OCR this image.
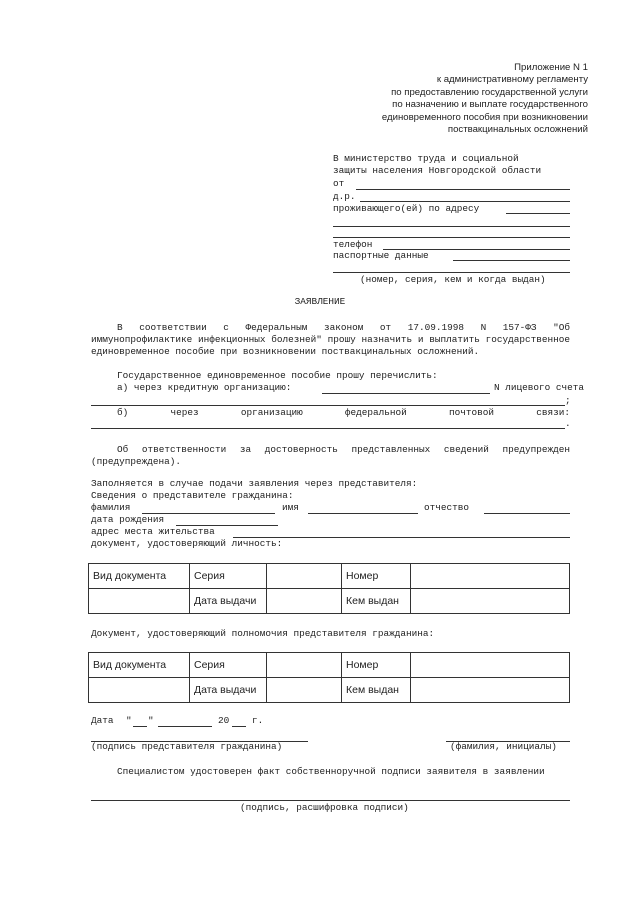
Приложение N 1
к административному регламенту
по предоставлению государственной услуги
по назначению и выплате государственного
единовременного пособия при возникновении
поствакцинальных осложнений
В министерство труда и социальной
защиты населения Новгородской области
от
д.р.
проживающего(ей) по адресу
телефон
паспортные данные
(номер, серия, кем и когда выдан)
ЗАЯВЛЕНИЕ
В соответствии с Федеральным законом от 17.09.1998 N 157-ФЗ "Об иммунопрофилактике инфекционных болезней" прошу назначить и выплатить государственное единовременное пособие при возникновении поствакцинальных осложнений.
Государственное единовременное пособие прошу перечислить:
а) через кредитную организацию:	N лицевого счета
;
б) через организацию федеральной почтовой связи:
.
Об ответственности за достоверность представленных сведений предупрежден (предупреждена).
Заполняется в случае подачи заявления через представителя:
Сведения о представителе гражданина:
фамилия	имя	отчество
дата рождения
адрес места жительства
документ, удостоверяющий личность:
Вид документа	Серия		Номер	
	Дата выдачи		Кем выдан	
Документ, удостоверяющий полномочия представителя гражданина:
Вид документа	Серия		Номер	
	Дата выдачи		Кем выдан	
Дата " "	20 г.
(подпись представителя гражданина)	(фамилия, инициалы)
Специалистом удостоверен факт собственноручной подписи заявителя в заявлении
(подпись, расшифровка подписи)
